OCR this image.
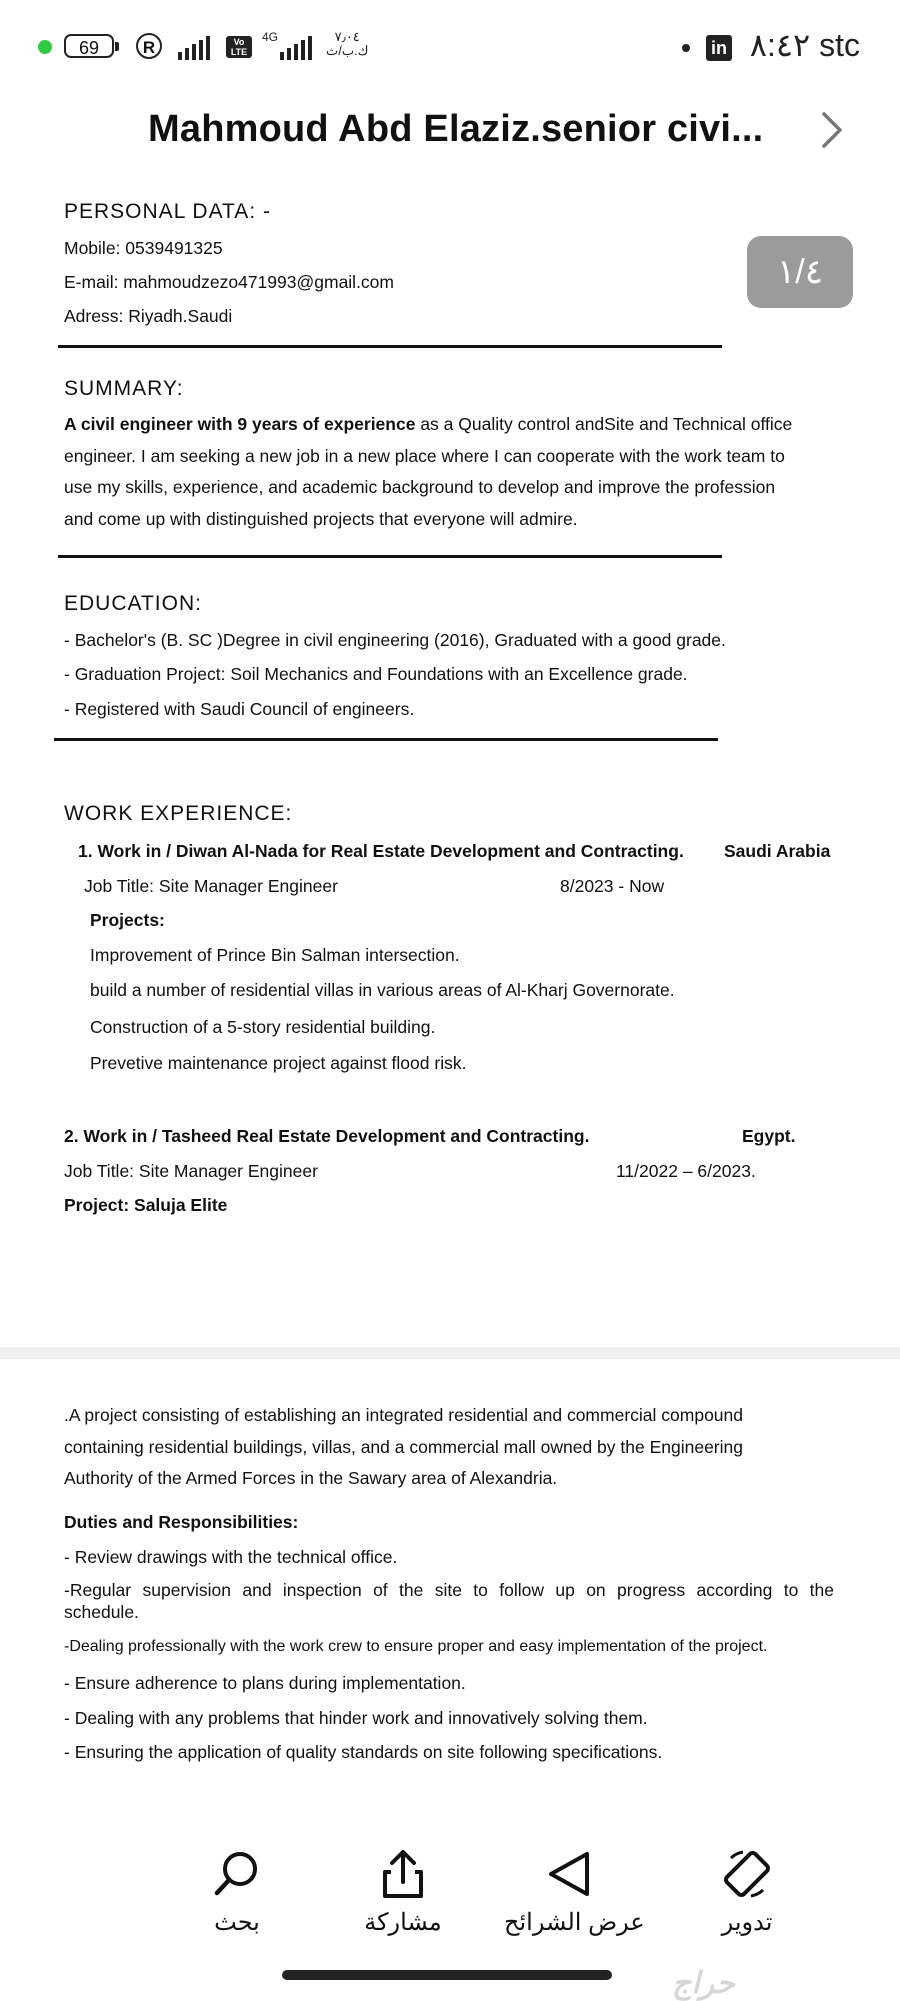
69	R	Vo
LTE
4G	٧٫٠٤
ك.ب/ث	in ٨:٤٢ stc
Mahmoud Abd Elaziz.senior civi...
١/٤
PERSONAL DATA: -
Mobile: 0539491325
E-mail: mahmoudzezo471993@gmail.com
Adress: Riyadh.Saudi
SUMMARY:
A civil engineer with 9 years of experience as a Quality control andSite and Technical office
engineer. I am seeking a new job in a new place where I can cooperate with the work team to
use my skills, experience, and academic background to develop and improve the profession
and come up with distinguished projects that everyone will admire.
EDUCATION:
- Bachelor's (B. SC )Degree in civil engineering (2016), Graduated with a good grade.
- Graduation Project: Soil Mechanics and Foundations with an Excellence grade.
- Registered with Saudi Council of engineers.
WORK EXPERIENCE:
1. Work in / Diwan Al-Nada for Real Estate Development and Contracting. Saudi Arabia
Job Title: Site Manager Engineer	8/2023 - Now
Projects:
Improvement of Prince Bin Salman intersection.
build a number of residential villas in various areas of Al-Kharj Governorate.
Construction of a 5-story residential building.
Prevetive maintenance project against flood risk.
2. Work in / Tasheed Real Estate Development and Contracting.	Egypt.
Job Title: Site Manager Engineer	11/2022 – 6/2023.
Project: Saluja Elite
.A project consisting of establishing an integrated residential and commercial compound
containing residential buildings, villas, and a commercial mall owned by the Engineering
Authority of the Armed Forces in the Sawary area of Alexandria.
Duties and Responsibilities:
- Review drawings with the technical office.
-Regular supervision and inspection of the site to follow up on progress according to the
schedule.
-Dealing professionally with the work crew to ensure proper and easy implementation of the project.
- Ensure adherence to plans during implementation.
- Dealing with any problems that hinder work and innovatively solving them.
- Ensuring the application of quality standards on site following specifications.
بحث	مشاركة	عرض الشرائح	تدوير
حراج
